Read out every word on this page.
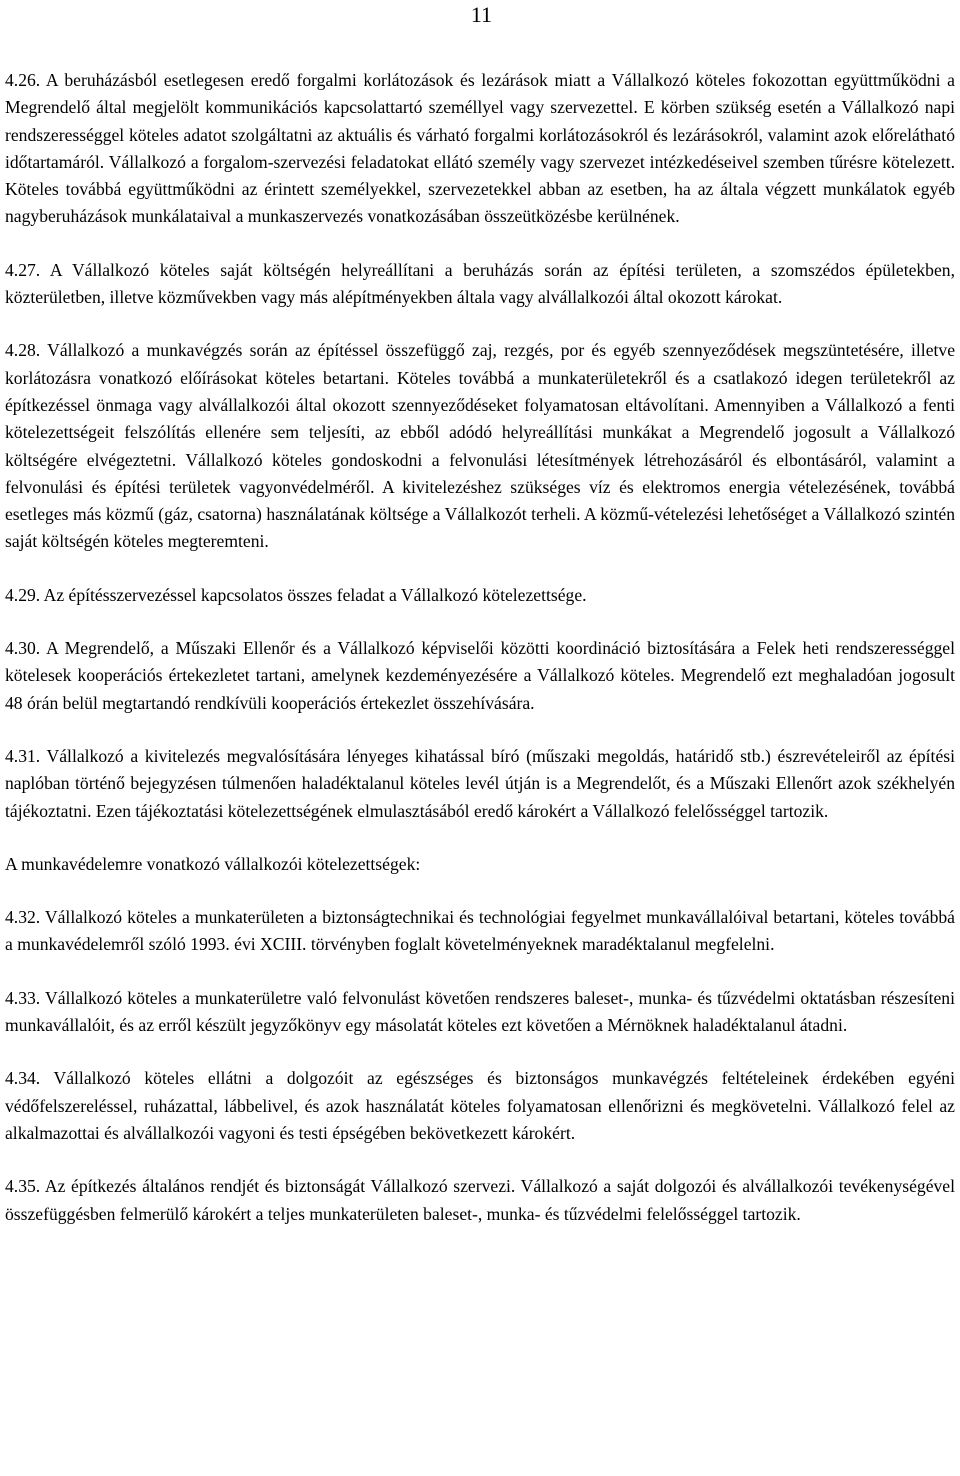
11

4.26. A beruházásból esetlegesen eredő forgalmi korlátozások és lezárások miatt a Vállalkozó köteles fokozottan együttműködni a Megrendelő által megjelölt kommunikációs kapcsolattartó személlyel vagy szervezettel. E körben szükség esetén a Vállalkozó napi rendszerességgel köteles adatot szolgáltatni az aktuális és várható forgalmi korlátozásokról és lezárásokról, valamint azok előrelátható időtartamáról. Vállalkozó a forgalom-szervezési feladatokat ellátó személy vagy szervezet intézkedéseivel szemben tűrésre kötelezett. Köteles továbbá együttműködni az érintett személyekkel, szervezetekkel abban az esetben, ha az általa végzett munkálatok egyéb nagyberuházások munkálataival a munkaszervezés vonatkozásában összeütközésbe kerülnének.

4.27. A Vállalkozó köteles saját költségén helyreállítani a beruházás során az építési területen, a szomszédos épületekben, közterületben, illetve közművekben vagy más alépítményekben általa vagy alvállalkozói által okozott károkat.

4.28. Vállalkozó a munkavégzés során az építéssel összefüggő zaj, rezgés, por és egyéb szennyeződések megszüntetésére, illetve korlátozásra vonatkozó előírásokat köteles betartani. Köteles továbbá a munkaterületekről és a csatlakozó idegen területekről az építkezéssel önmaga vagy alvállalkozói által okozott szennyeződéseket folyamatosan eltávolítani. Amennyiben a Vállalkozó a fenti kötelezettségeit felszólítás ellenére sem teljesíti, az ebből adódó helyreállítási munkákat a Megrendelő jogosult a Vállalkozó költségére elvégeztetni. Vállalkozó köteles gondoskodni a felvonulási létesítmények létrehozásáról és elbontásáról, valamint a felvonulási és építési területek vagyonvédelméről. A kivitelezéshez szükséges víz és elektromos energia vételezésének, továbbá esetleges más közmű (gáz, csatorna) használatának költsége a Vállalkozót terheli. A közmű-vételezési lehetőséget a Vállalkozó szintén saját költségén köteles megteremteni.

4.29. Az építésszervezéssel kapcsolatos összes feladat a Vállalkozó kötelezettsége.

4.30. A Megrendelő, a Műszaki Ellenőr és a Vállalkozó képviselői közötti koordináció biztosítására a Felek heti rendszerességgel kötelesek kooperációs értekezletet tartani, amelynek kezdeményezésére a Vállalkozó köteles. Megrendelő ezt meghaladóan jogosult 48 órán belül megtartandó rendkívüli kooperációs értekezlet összehívására.

4.31. Vállalkozó a kivitelezés megvalósítására lényeges kihatással bíró (műszaki megoldás, határidő stb.) észrevételeiről az építési naplóban történő bejegyzésen túlmenően haladéktalanul köteles levél útján is a Megrendelőt, és a Műszaki Ellenőrt azok székhelyén tájékoztatni. Ezen tájékoztatási kötelezettségének elmulasztásából eredő károkért a Vállalkozó felelősséggel tartozik.

A munkavédelemre vonatkozó vállalkozói kötelezettségek:

4.32. Vállalkozó köteles a munkaterületen a biztonságtechnikai és technológiai fegyelmet munkavállalóival betartani, köteles továbbá a munkavédelemről szóló 1993. évi XCIII. törvényben foglalt követelményeknek maradéktalanul megfelelni.

4.33. Vállalkozó köteles a munkaterületre való felvonulást követően rendszeres baleset-, munka- és tűzvédelmi oktatásban részesíteni munkavállalóit, és az erről készült jegyzőkönyv egy másolatát köteles ezt követően a Mérnöknek haladéktalanul átadni.

4.34. Vállalkozó köteles ellátni a dolgozóit az egészséges és biztonságos munkavégzés feltételeinek érdekében egyéni védőfelszereléssel, ruházattal, lábbelivel, és azok használatát köteles folyamatosan ellenőrizni és megkövetelni. Vállalkozó felel az alkalmazottai és alvállalkozói vagyoni és testi épségében bekövetkezett károkért.

4.35. Az építkezés általános rendjét és biztonságát Vállalkozó szervezi. Vállalkozó a saját dolgozói és alvállalkozói tevékenységével összefüggésben felmerülő károkért a teljes munkaterületen baleset-, munka- és tűzvédelmi felelősséggel tartozik.
